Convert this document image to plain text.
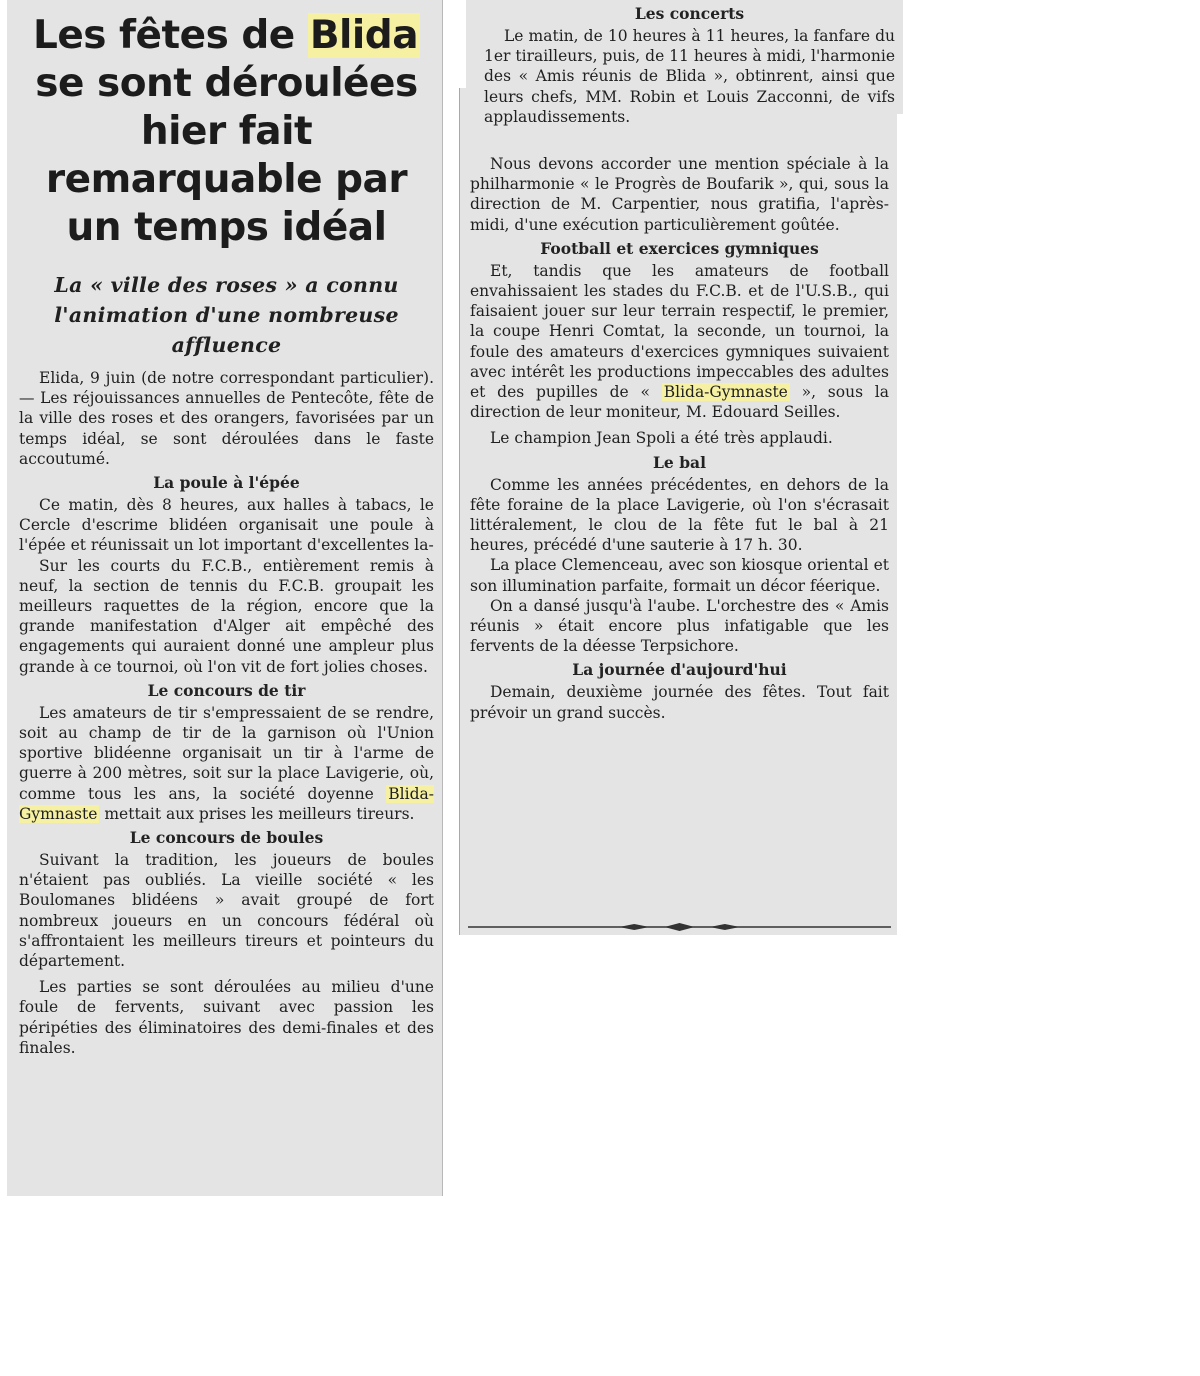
Les fêtes de Blida se sont déroulées hier fait remarquable par un temps idéal
La « ville des roses » a connu l'animation d'une nombreuse affluence

Elida, 9 juin (de notre correspondant particulier). — Les réjouissances annuelles de Pentecôte, fête de la ville des roses et des orangers, favorisées par un temps idéal, se sont déroulées dans le faste accoutumé.

La poule à l'épée

Ce matin, dès 8 heures, aux halles à tabacs, le Cercle d'escrime blidéen organisait une poule à l'épée et réunissait un lot important d'excellentes la-

Sur les courts du F.C.B., entièrement remis à neuf, la section de tennis du F.C.B. groupait les meilleurs raquettes de la région, encore que la grande manifestation d'Alger ait empêché des engagements qui auraient donné une ampleur plus grande à ce tournoi, où l'on vit de fort jolies choses.

Le concours de tir

Les amateurs de tir s'empressaient de se rendre, soit au champ de tir de la garnison où l'Union sportive blidéenne organisait un tir à l'arme de guerre à 200 mètres, soit sur la place Lavigerie, où, comme tous les ans, la société doyenne Blida-Gymnaste mettait aux prises les meilleurs tireurs.

Le concours de boules

Suivant la tradition, les joueurs de boules n'étaient pas oubliés. La vieille société « les Boulomanes blidéens » avait groupé de fort nombreux joueurs en un concours fédéral où s'affrontaient les meilleurs tireurs et pointeurs du département.

Les parties se sont déroulées au milieu d'une foule de fervents, suivant avec passion les péripéties des éliminatoires des demi-finales et des finales.

Nous devons accorder une mention spéciale à la philharmonie « le Progrès de Boufarik », qui, sous la direction de M. Carpentier, nous gratifia, l'après-midi, d'une exécution particulièrement goûtée.

Football et exercices gymniques

Et, tandis que les amateurs de football envahissaient les stades du F.C.B. et de l'U.S.B., qui faisaient jouer sur leur terrain respectif, le premier, la coupe Henri Comtat, la seconde, un tournoi, la foule des amateurs d'exercices gymniques suivaient avec intérêt les productions impeccables des adultes et des pupilles de « Blida-Gymnaste », sous la direction de leur moniteur, M. Edouard Seilles.

Le champion Jean Spoli a été très applaudi.

Le bal

Comme les années précédentes, en dehors de la fête foraine de la place Lavigerie, où l'on s'écrasait littéralement, le clou de la fête fut le bal à 21 heures, précédé d'une sauterie à 17 h. 30.

La place Clemenceau, avec son kiosque oriental et son illumination parfaite, formait un décor féerique.

On a dansé jusqu'à l'aube. L'orchestre des « Amis réunis » était encore plus infatigable que les fervents de la déesse Terpsichore.

La journée d'aujourd'hui

Demain, deuxième journée des fêtes. Tout fait prévoir un grand succès.

Les concerts

Le matin, de 10 heures à 11 heures, la fanfare du 1er tirailleurs, puis, de 11 heures à midi, l'harmonie des « Amis réunis de Blida », obtinrent, ainsi que leurs chefs, MM. Robin et Louis Zacconni, de vifs applaudissements.
